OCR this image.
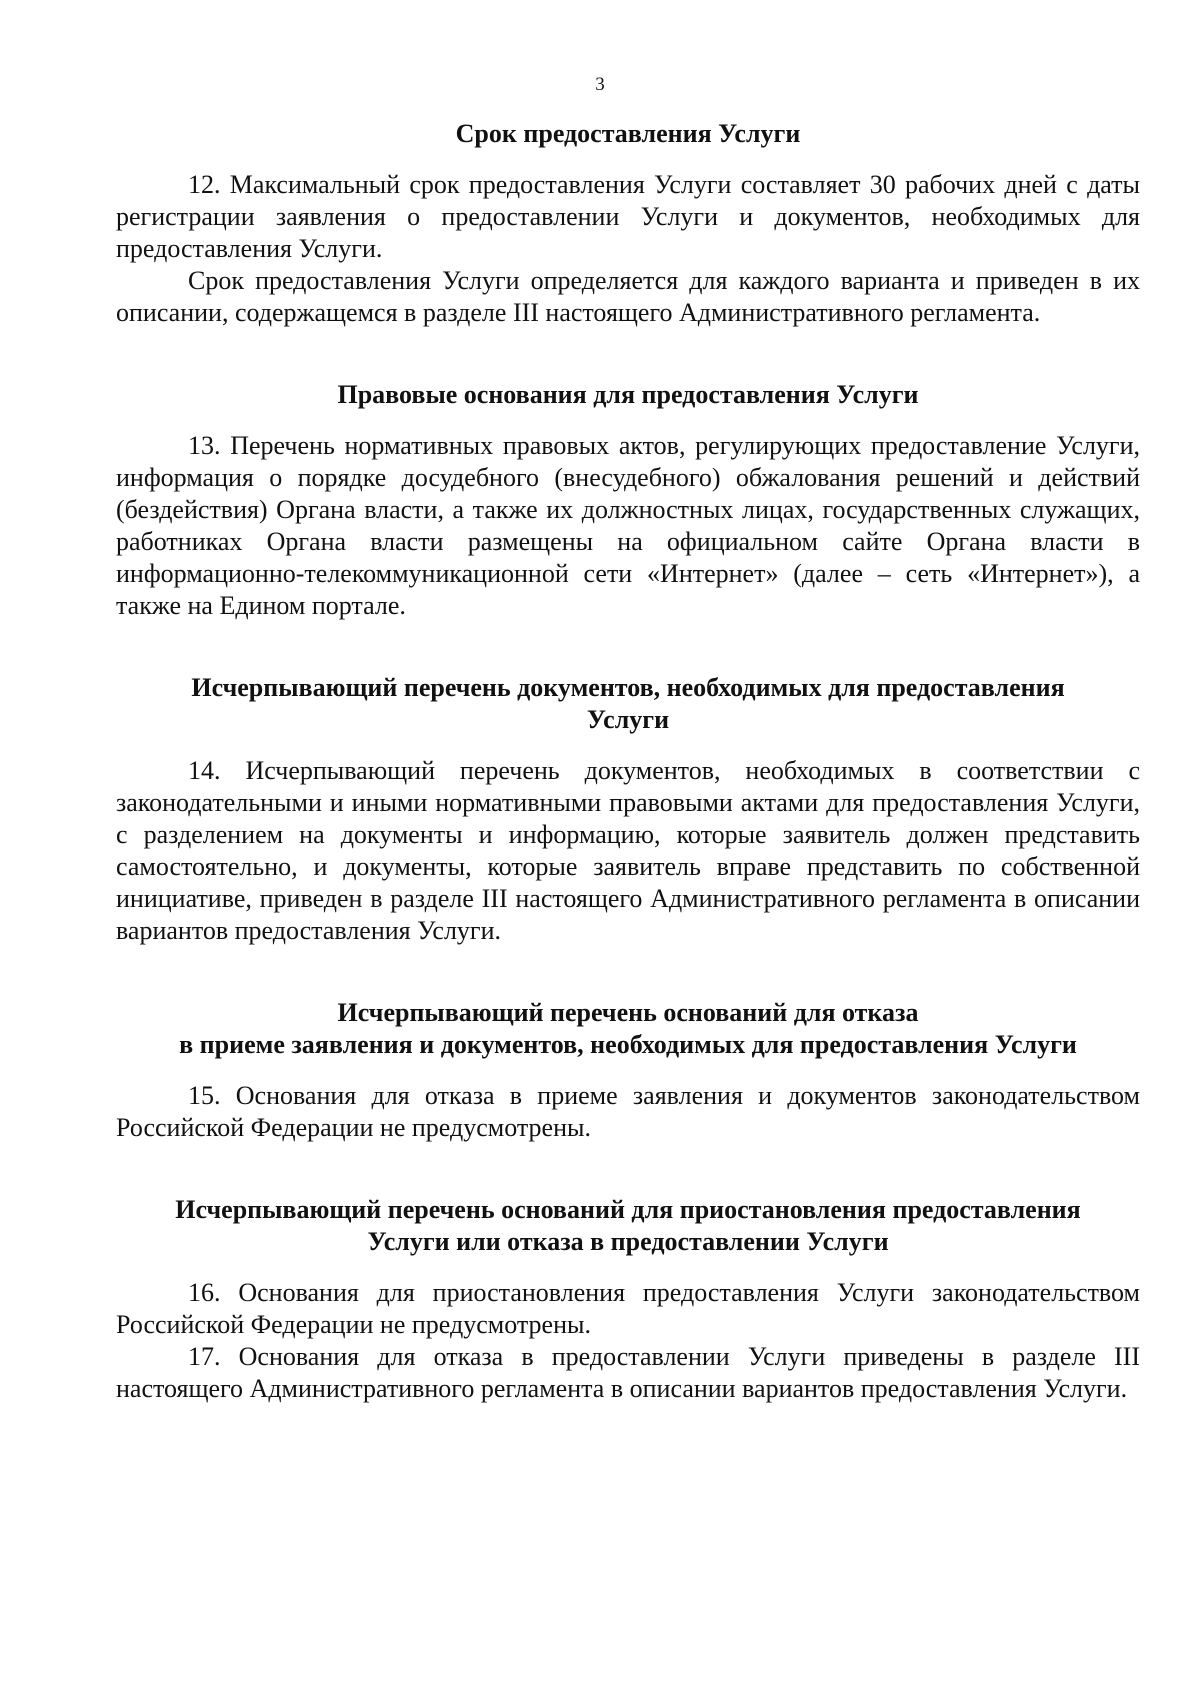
3

Срок предоставления Услуги

12. Максимальный срок предоставления Услуги составляет 30 рабочих дней с даты регистрации заявления о предоставлении Услуги и документов, необходимых для предоставления Услуги.

Срок предоставления Услуги определяется для каждого варианта и приведен в их описании, содержащемся в разделе III настоящего Административного регламента.

Правовые основания для предоставления Услуги

13. Перечень нормативных правовых актов, регулирующих предоставление Услуги, информация о порядке досудебного (внесудебного) обжалования решений и действий (бездействия) Органа власти, а также их должностных лицах, государственных служащих, работниках Органа власти размещены на официальном сайте Органа власти в информационно-телекоммуникационной сети «Интернет» (далее – сеть «Интернет»), а также на Едином портале.

Исчерпывающий перечень документов, необходимых для предоставления
Услуги

14. Исчерпывающий перечень документов, необходимых в соответствии с законодательными и иными нормативными правовыми актами для предоставления Услуги, с разделением на документы и информацию, которые заявитель должен представить самостоятельно, и документы, которые заявитель вправе представить по собственной инициативе, приведен в разделе III настоящего Административного регламента в описании вариантов предоставления Услуги.

Исчерпывающий перечень оснований для отказа
в приеме заявления и документов, необходимых для предоставления Услуги

15. Основания для отказа в приеме заявления и документов законодательством Российской Федерации не предусмотрены.

Исчерпывающий перечень оснований для приостановления предоставления
Услуги или отказа в предоставлении Услуги

16. Основания для приостановления предоставления Услуги законодательством Российской Федерации не предусмотрены.

17. Основания для отказа в предоставлении Услуги приведены в разделе III настоящего Административного регламента в описании вариантов предоставления Услуги.
